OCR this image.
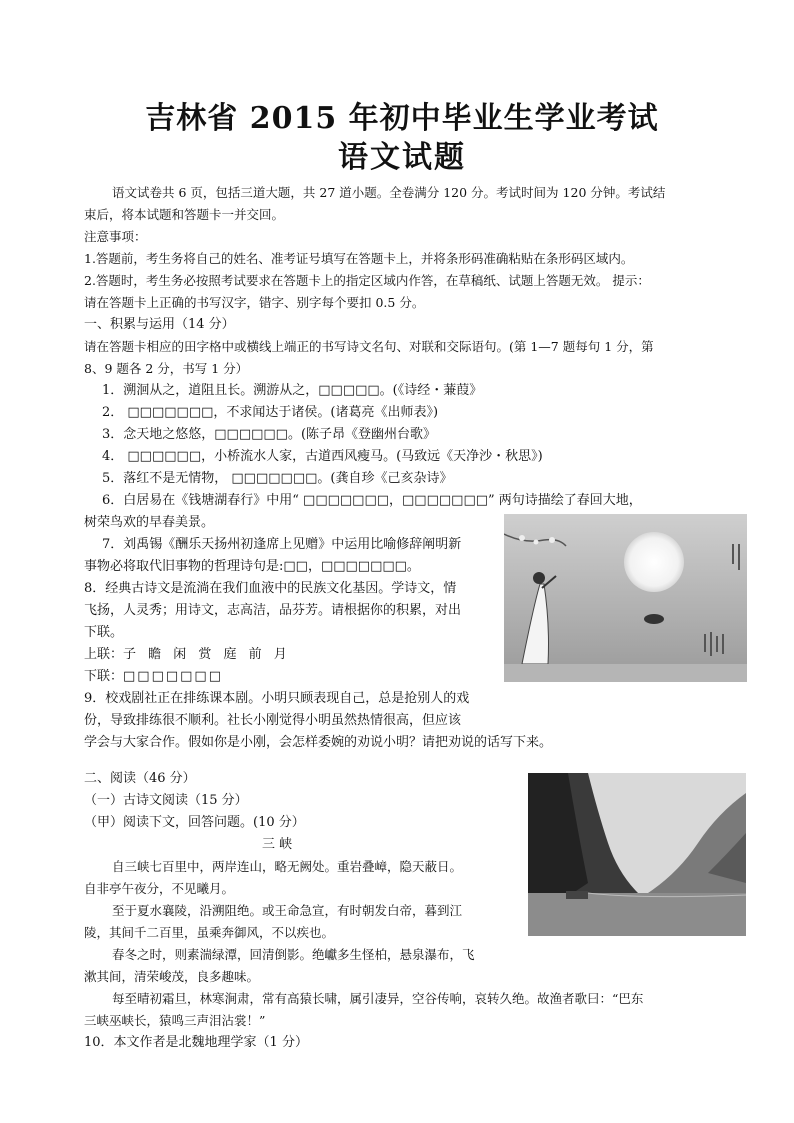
吉林省 2015 年初中毕业生学业考试

语文试题

语文试卷共 6 页，包括三道大题，共 27 道小题。全卷满分 120 分。考试时间为 120 分钟。考试结

束后，将本试题和答题卡一并交回。

注意事项：

1.答题前，考生务将自己的姓名、准考证号填写在答题卡上，并将条形码准确粘贴在条形码区域内。

2.答题时，考生务必按照考试要求在答题卡上的指定区域内作答，在草稿纸、试题上答题无效。 提示：

请在答题卡上正确的书写汉字，错字、别字每个要扣 0.5 分。

一、积累与运用（14 分）

请在答题卡相应的田字格中或横线上端正的书写诗文名句、对联和交际语句。(第 1—7 题每句 1 分，第

8、9 题各 2 分，书写 1 分）

1．溯洄从之，道阻且长。溯游从之，□□□□□。(《诗经・蒹葭》

2． □□□□□□□，不求闻达于诸侯。(诸葛亮《出师表》)

3．念天地之悠悠，□□□□□□。(陈子昂《登幽州台歌》

4． □□□□□□，小桥流水人家，古道西风瘦马。(马致远《天净沙・秋思》)

5．落红不是无情物， □□□□□□□。(龚自珍《己亥杂诗》

6．白居易在《钱塘湖春行》中用“ □□□□□□□，□□□□□□□” 两句诗描绘了春回大地，

树荣鸟欢的早春美景。

7．刘禹锡《酬乐天扬州初逢席上见赠》中运用比喻修辞阐明新

事物必将取代旧事物的哲理诗句是:□□，□□□□□□□。

8．经典古诗文是流淌在我们血液中的民族文化基因。学诗文，情

飞扬，人灵秀；用诗文，志高洁，品芬芳。请根据你的积累，对出

下联。

上联：子 瞻 闲 赏 庭 前 月

下联：□□□□□□□

9．校戏剧社正在排练课本剧。小明只顾表现自己，总是抢别人的戏

份，导致排练很不顺利。社长小刚觉得小明虽然热情很高，但应该

学会与大家合作。假如你是小刚，会怎样委婉的劝说小明？请把劝说的话写下来。

二、阅读（46 分）

（一）古诗文阅读（15 分）

（甲）阅读下文，回答问题。(10 分）

三 峡

自三峡七百里中，两岸连山，略无阙处。重岩叠嶂，隐天蔽日。

自非亭午夜分，不见曦月。

至于夏水襄陵，沿溯阻绝。或王命急宣，有时朝发白帝，暮到江

陵，其间千二百里，虽乘奔御风，不以疾也。

春冬之时，则素湍绿潭，回清倒影。绝巘多生怪柏，悬泉瀑布，飞

漱其间，清荣峻茂，良多趣味。

每至晴初霜旦，林寒涧肃，常有高猿长啸，属引凄异，空谷传响，哀转久绝。故渔者歌曰：“巴东

三峡巫峡长，猿鸣三声泪沾裳！”

10．本文作者是北魏地理学家（1 分）
